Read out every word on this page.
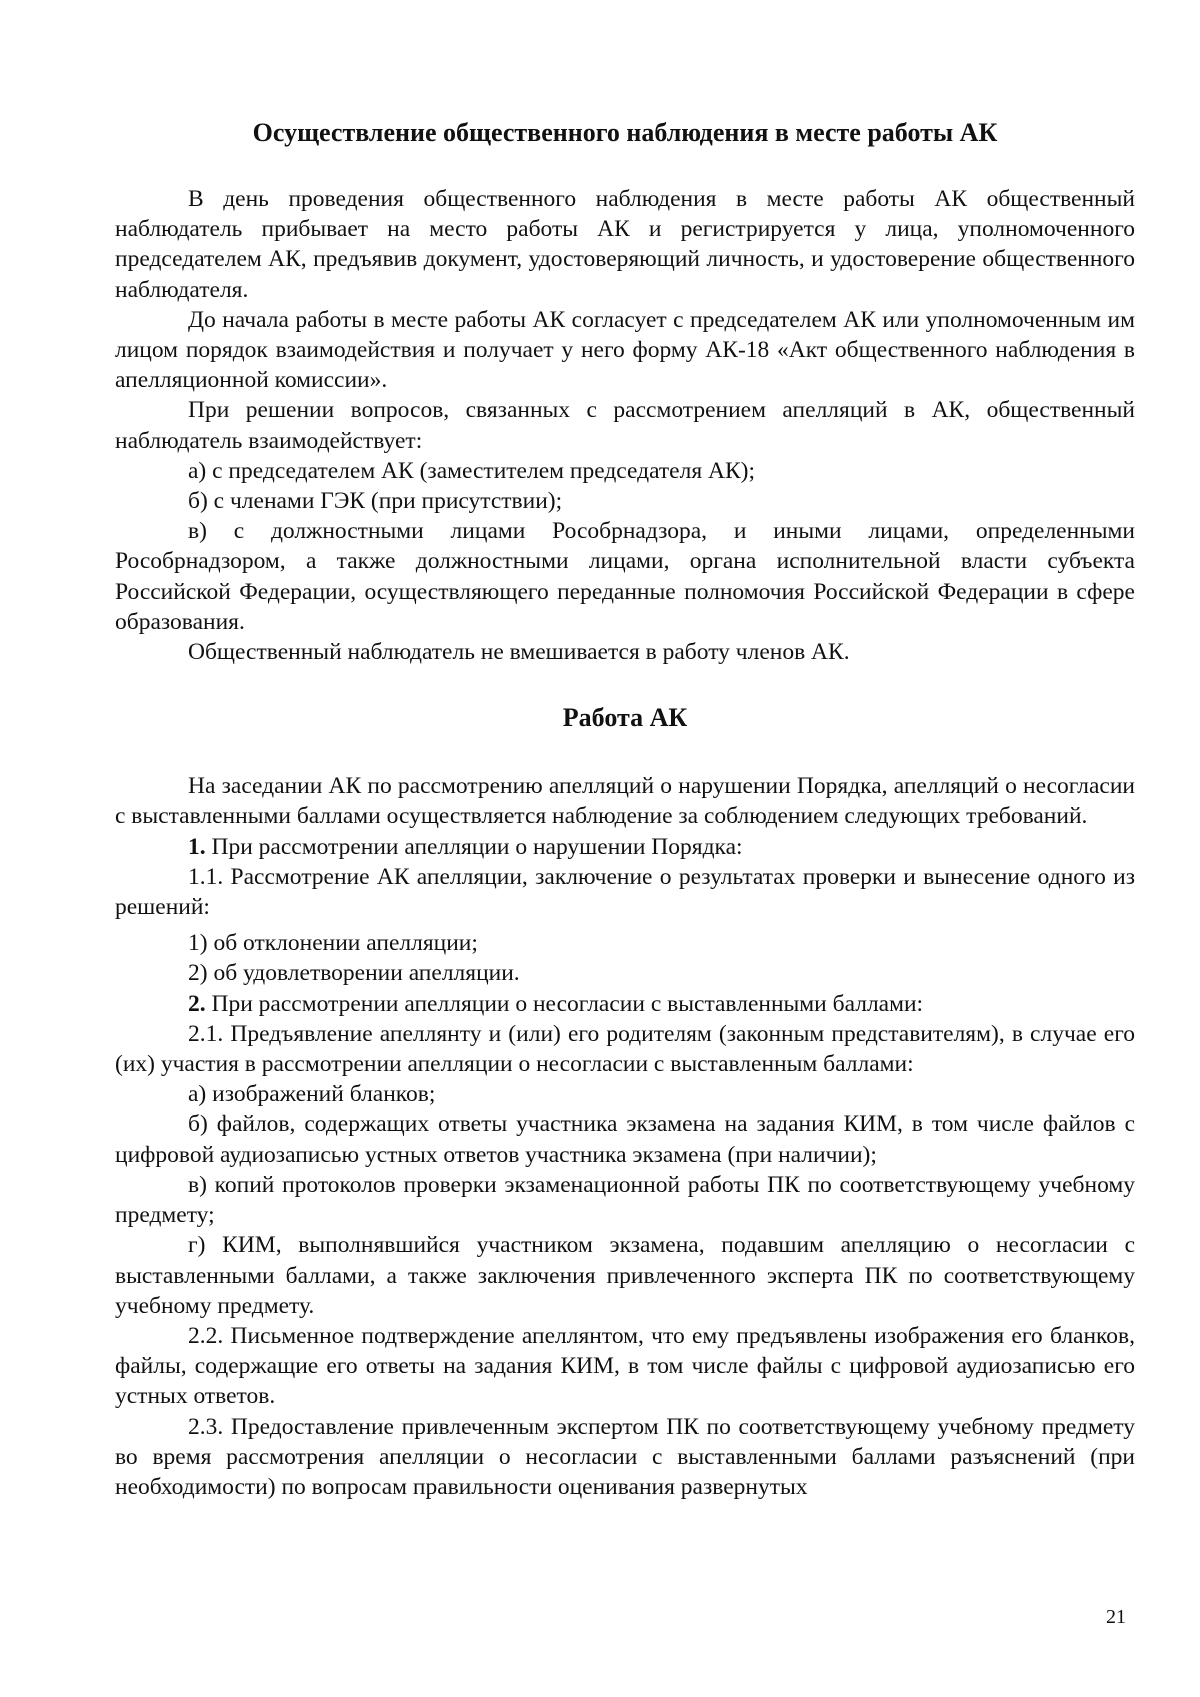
Осуществление общественного наблюдения в месте работы АК

В день проведения общественного наблюдения в месте работы АК общественный наблюдатель прибывает на место работы АК и регистрируется у лица, уполномоченного председателем АК, предъявив документ, удостоверяющий личность, и удостоверение общественного наблюдателя.

До начала работы в месте работы АК согласует с председателем АК или уполномоченным им лицом порядок взаимодействия и получает у него форму АК-18 «Акт общественного наблюдения в апелляционной комиссии».

При решении вопросов, связанных с рассмотрением апелляций в АК, общественный наблюдатель взаимодействует:

а) с председателем АК (заместителем председателя АК);

б) с членами ГЭК (при присутствии);

в) с должностными лицами Рособрнадзора, и иными лицами, определенными Рособрнадзором, а также должностными лицами, органа исполнительной власти субъекта Российской Федерации, осуществляющего переданные полномочия Российской Федерации в сфере образования.

Общественный наблюдатель не вмешивается в работу членов АК.

Работа АК

На заседании АК по рассмотрению апелляций о нарушении Порядка, апелляций о несогласии с выставленными баллами осуществляется наблюдение за соблюдением следующих требований.

1. При рассмотрении апелляции о нарушении Порядка:

1.1. Рассмотрение АК апелляции, заключение о результатах проверки и вынесение одного из решений:

1) об отклонении апелляции;

2) об удовлетворении апелляции.

2. При рассмотрении апелляции о несогласии с выставленными баллами:

2.1. Предъявление апеллянту и (или) его родителям (законным представителям), в случае его (их) участия в рассмотрении апелляции о несогласии с выставленным баллами:

а) изображений бланков;

б) файлов, содержащих ответы участника экзамена на задания КИМ, в том числе файлов с цифровой аудиозаписью устных ответов участника экзамена (при наличии);

в) копий протоколов проверки экзаменационной работы ПК по соответствующему учебному предмету;

г) КИМ, выполнявшийся участником экзамена, подавшим апелляцию о несогласии с выставленными баллами, а также заключения привлеченного эксперта ПК по соответствующему учебному предмету.

2.2. Письменное подтверждение апеллянтом, что ему предъявлены изображения его бланков, файлы, содержащие его ответы на задания КИМ, в том числе файлы с цифровой аудиозаписью его устных ответов.

2.3. Предоставление привлеченным экспертом ПК по соответствующему учебному предмету во время рассмотрения апелляции о несогласии с выставленными баллами разъяснений (при необходимости) по вопросам правильности оценивания развернутых

21
